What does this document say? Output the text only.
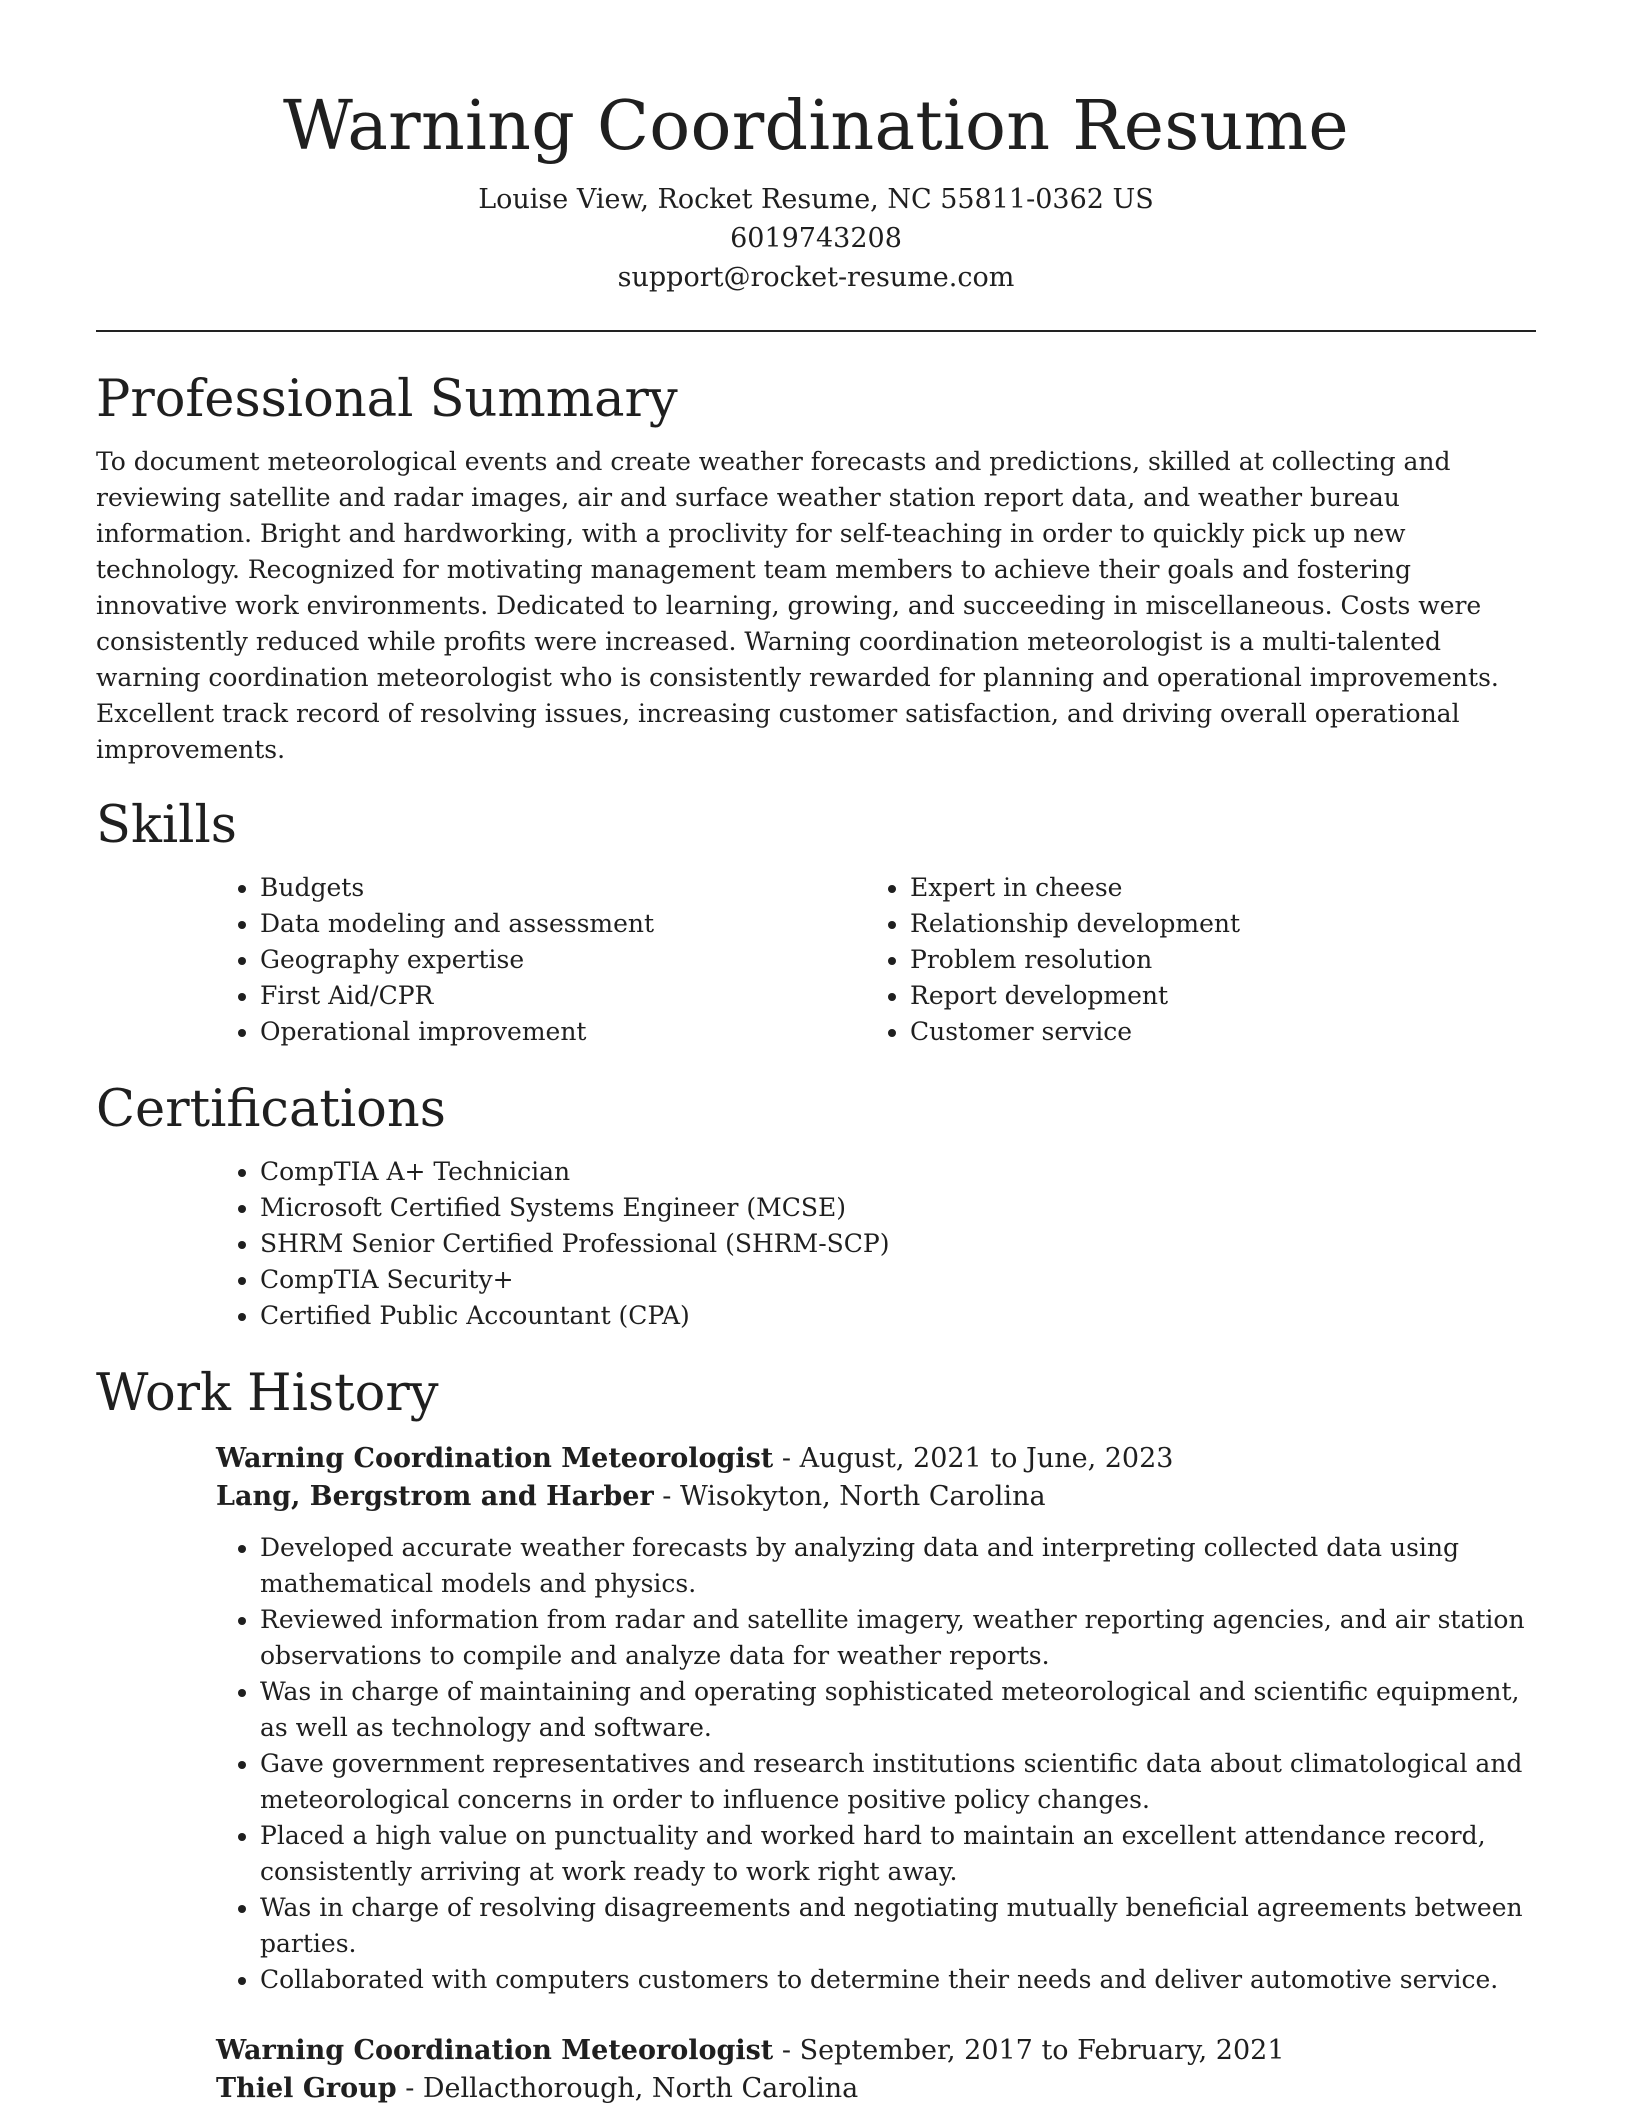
Warning Coordination Resume

Louise View, Rocket Resume, NC 55811-0362 US

6019743208

support@rocket-resume.com

Professional Summary

To document meteorological events and create weather forecasts and predictions, skilled at collecting and reviewing satellite and radar images, air and surface weather station report data, and weather bureau information. Bright and hardworking, with a proclivity for self-teaching in order to quickly pick up new technology. Recognized for motivating management team members to achieve their goals and fostering innovative work environments. Dedicated to learning, growing, and succeeding in miscellaneous. Costs were consistently reduced while profits were increased. Warning coordination meteorologist is a multi-talented warning coordination meteorologist who is consistently rewarded for planning and operational improvements. Excellent track record of resolving issues, increasing customer satisfaction, and driving overall operational improvements.

Skills
• Budgets
• Data modeling and assessment
• Geography expertise
• First Aid/CPR
• Operational improvement
• Expert in cheese
• Relationship development
• Problem resolution
• Report development
• Customer service
Certifications
• CompTIA A+ Technician
• Microsoft Certified Systems Engineer (MCSE)
• SHRM Senior Certified Professional (SHRM-SCP)
• CompTIA Security+
• Certified Public Accountant (CPA)
Work History

Warning Coordination Meteorologist - August, 2021 to June, 2023

Lang, Bergstrom and Harber - Wisokyton, North Carolina

• Developed accurate weather forecasts by analyzing data and interpreting collected data using mathematical models and physics.
• Reviewed information from radar and satellite imagery, weather reporting agencies, and air station observations to compile and analyze data for weather reports.
• Was in charge of maintaining and operating sophisticated meteorological and scientific equipment, as well as technology and software.
• Gave government representatives and research institutions scientific data about climatological and meteorological concerns in order to influence positive policy changes.
• Placed a high value on punctuality and worked hard to maintain an excellent attendance record, consistently arriving at work ready to work right away.
• Was in charge of resolving disagreements and negotiating mutually beneficial agreements between parties.
• Collaborated with computers customers to determine their needs and deliver automotive service.

Warning Coordination Meteorologist - September, 2017 to February, 2021

Thiel Group - Dellacthorough, North Carolina
